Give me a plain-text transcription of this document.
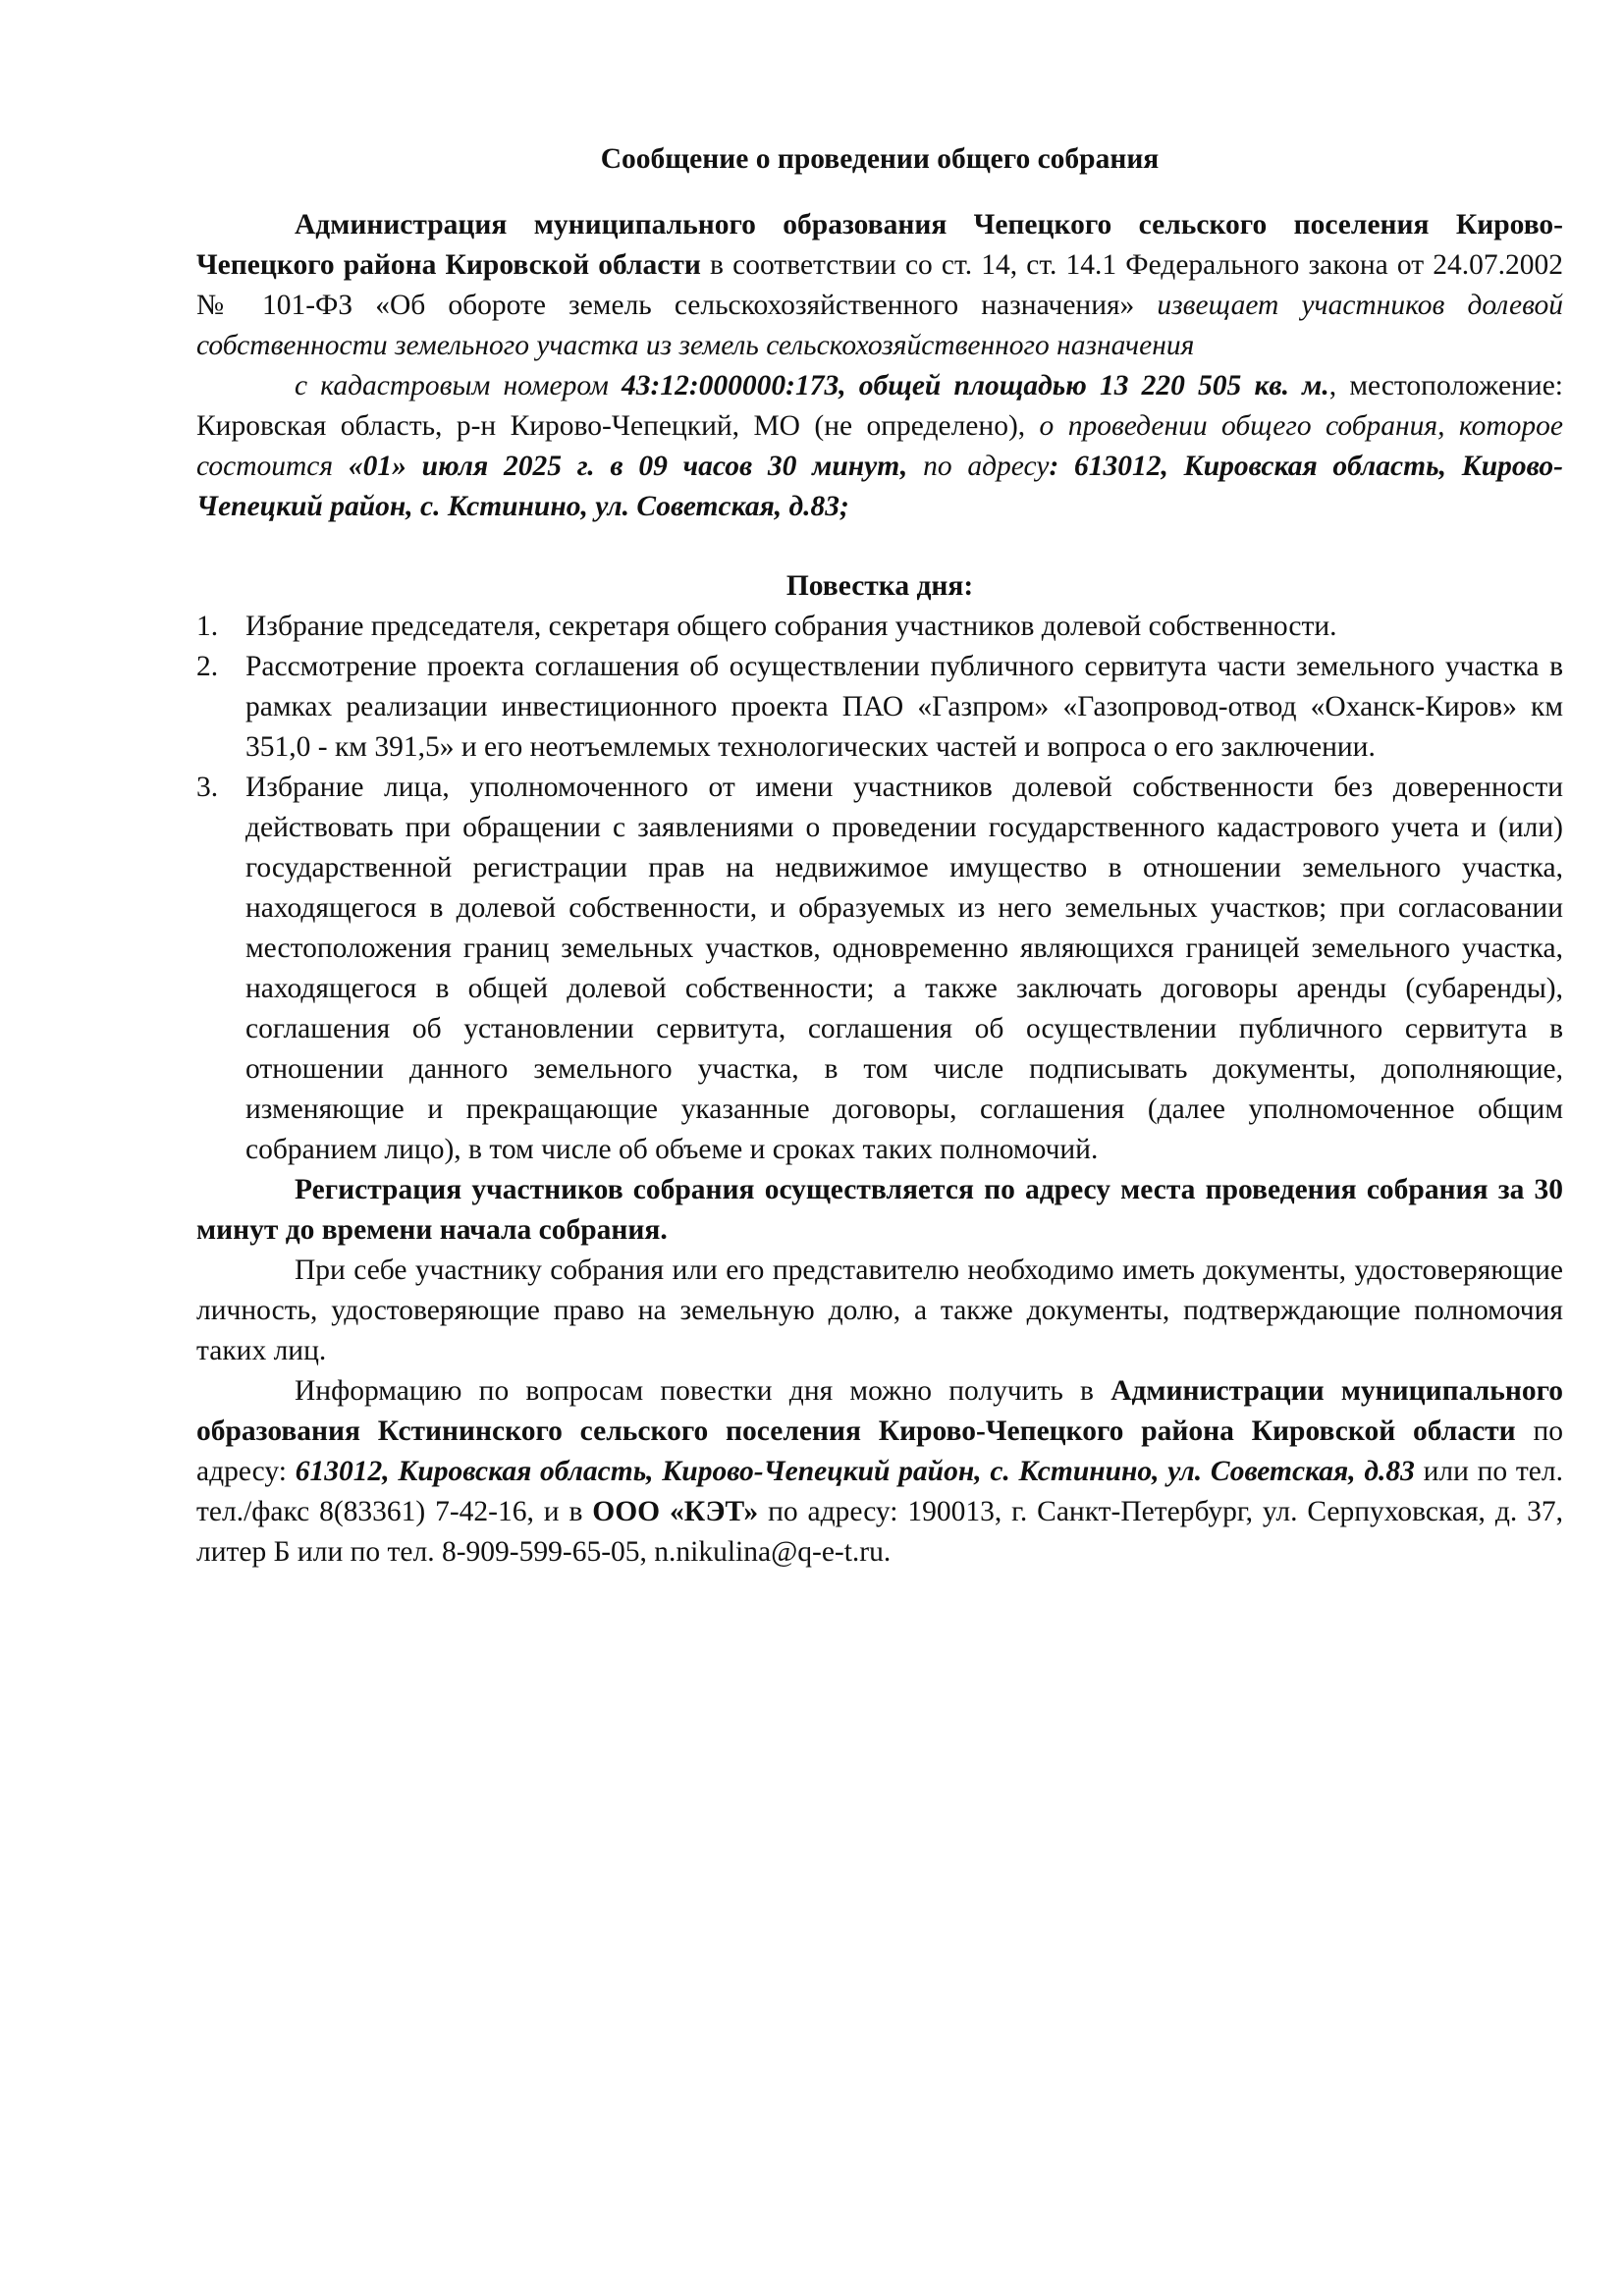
Сообщение о проведении общего собрания

Администрация муниципального образования Чепецкого сельского поселения Кирово-Чепецкого района Кировской области в соответствии со ст. 14, ст. 14.1 Федерального закона от 24.07.2002 № 101-ФЗ «Об обороте земель сельскохозяйственного назначения» извещает участников долевой собственности земельного участка из земель сельскохозяйственного назначения

с кадастровым номером 43:12:000000:173, общей площадью 13 220 505 кв. м., местоположение: Кировская область, р-н Кирово-Чепецкий, МО (не определено), о проведении общего собрания, которое состоится «01» июля 2025 г. в 09 часов 30 минут, по адресу: 613012, Кировская область, Кирово-Чепецкий район, с. Кстинино, ул. Советская, д.83;

Повестка дня:
1. Избрание председателя, секретаря общего собрания участников долевой собственности.
2. Рассмотрение проекта соглашения об осуществлении публичного сервитута части земельного участка в рамках реализации инвестиционного проекта ПАО «Газпром» «Газопровод-отвод «Оханск-Киров» км 351,0 - км 391,5» и его неотъемлемых технологических частей и вопроса о его заключении.
3. Избрание лица, уполномоченного от имени участников долевой собственности без доверенности действовать при обращении с заявлениями о проведении государственного кадастрового учета и (или) государственной регистрации прав на недвижимое имущество в отношении земельного участка, находящегося в долевой собственности, и образуемых из него земельных участков; при согласовании местоположения границ земельных участков, одновременно являющихся границей земельного участка, находящегося в общей долевой собственности; а также заключать договоры аренды (субаренды), соглашения об установлении сервитута, соглашения об осуществлении публичного сервитута в отношении данного земельного участка, в том числе подписывать документы, дополняющие, изменяющие и прекращающие указанные договоры, соглашения (далее уполномоченное общим собранием лицо), в том числе об объеме и сроках таких полномочий.

Регистрация участников собрания осуществляется по адресу места проведения собрания за 30 минут до времени начала собрания.

При себе участнику собрания или его представителю необходимо иметь документы, удостоверяющие личность, удостоверяющие право на земельную долю, а также документы, подтверждающие полномочия таких лиц.

Информацию по вопросам повестки дня можно получить в Администрации муниципального образования Кстининского сельского поселения Кирово-Чепецкого района Кировской области по адресу: 613012, Кировская область, Кирово-Чепецкий район, с. Кстинино, ул. Советская, д.83 или по тел. тел./факс 8(83361) 7-42-16, и в ООО «КЭТ» по адресу: 190013, г. Санкт-Петербург, ул. Серпуховская, д. 37, литер Б или по тел. 8-909-599-65-05, n.nikulina@q-e-t.ru.
